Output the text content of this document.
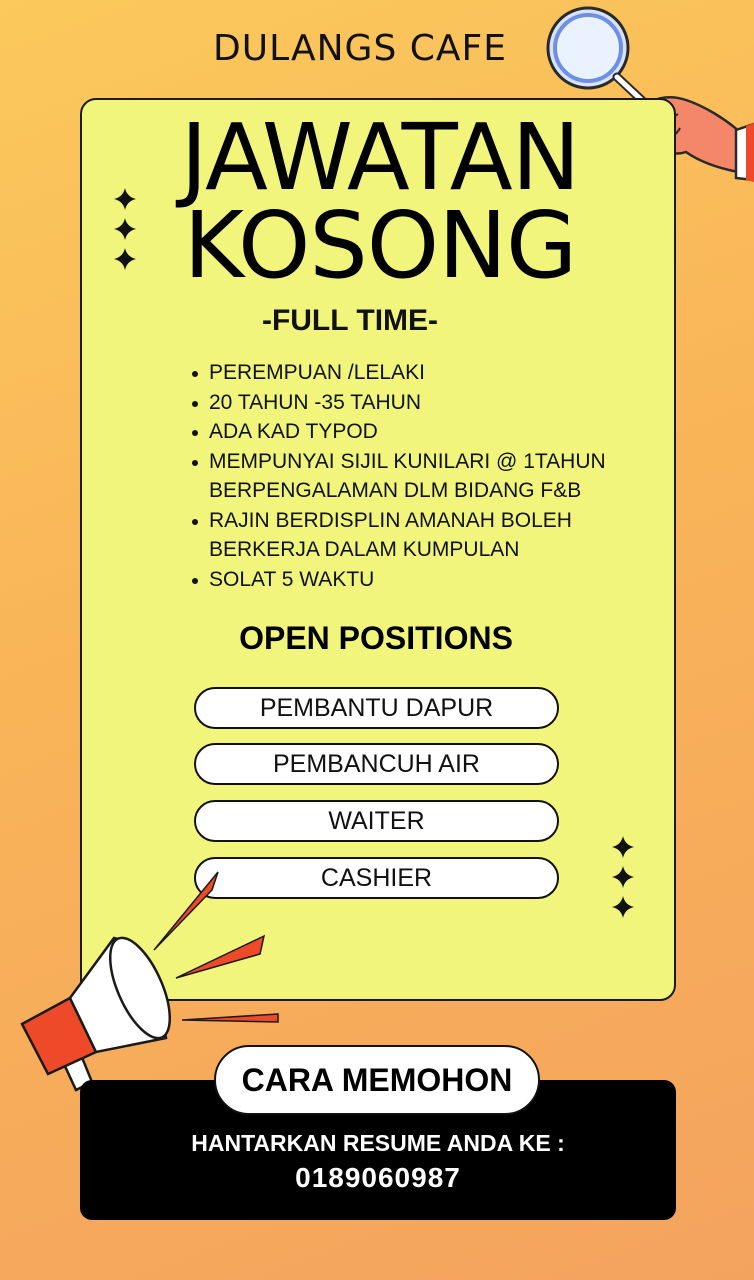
DULANGS CAFE
JAWATAN
KOSONG
-FULL TIME-
PEREMPUAN /LELAKI
20 TAHUN -35 TAHUN
ADA KAD TYPOD
MEMPUNYAI SIJIL KUNILARI @ 1TAHUN BERPENGALAMAN DLM BIDANG F&B
RAJIN BERDISPLIN AMANAH BOLEH BERKERJA DALAM KUMPULAN
SOLAT 5 WAKTU
OPEN POSITIONS
PEMBANTU DAPUR
PEMBANCUH AIR
WAITER
CASHIER
CARA MEMOHON
HANTARKAN RESUME ANDA KE :
0189060987
